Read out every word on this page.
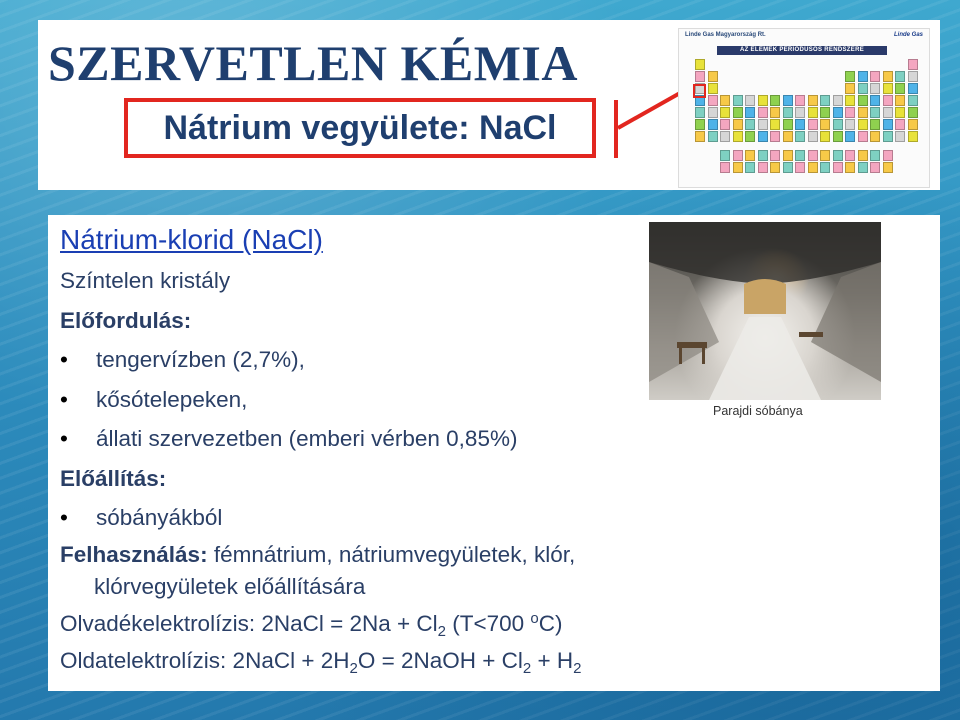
SZERVETLEN KÉMIA
Nátrium vegyülete: NaCl
Linde Gas Magyarország Rt.	Linde Gas
AZ ELEMEK PERIÓDUSOS RENDSZERE
Nátrium-klorid (NaCl)
Színtelen kristály
Előfordulás:
• tengervízben (2,7%),
• kősótelepeken,
• állati szervezetben (emberi vérben 0,85%)
Előállítás:
• sóbányákból
Felhasználás: fémnátrium, nátriumvegyületek, klór,
klórvegyületek előállítására
Olvadékelektrolízis: 2NaCl = $2Na + Cl_2$ (T<700 $^o$C)
Oldatelektrolízis: 2NaCl + $2H_2O$ = 2NaOH + $Cl_2 + H_2$
Parajdi sóbánya
